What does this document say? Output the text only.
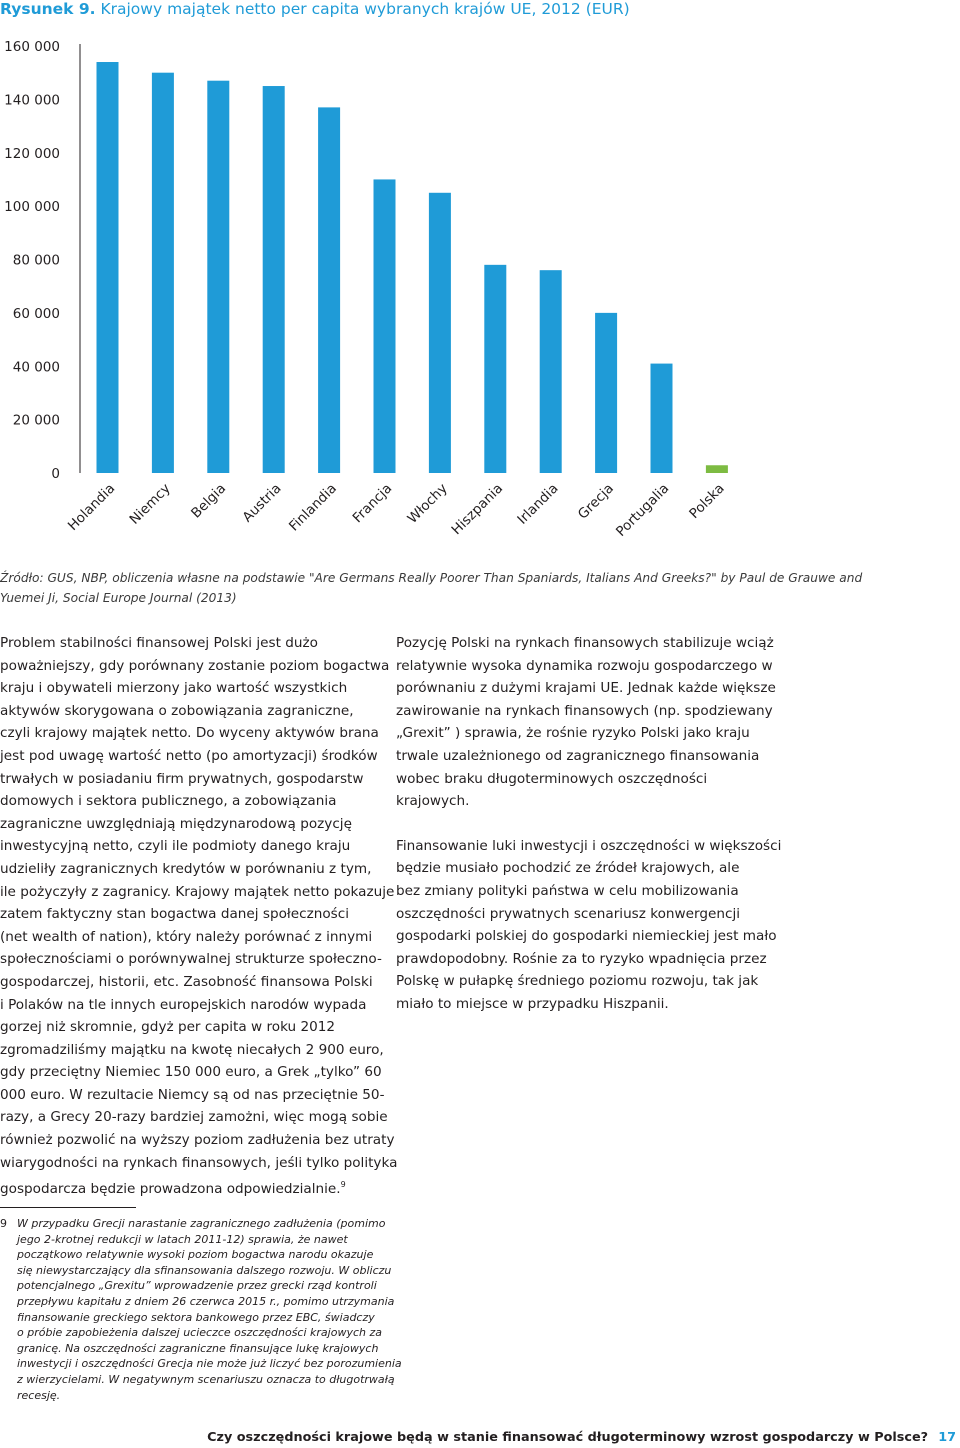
Rysunek 9. Krajowy majątek netto per capita wybranych krajów UE, 2012 (EUR)
0
20 000
40 000
60 000
80 000
100 000
120 000
140 000
160 000
Holandia Niemcy Belgia Austria Finlandia Francja Włochy
Hiszpania Irlandia Grecja
Portugalia Polska
Źródło: GUS, NBP, obliczenia własne na podstawie "Are Germans Really Poorer Than Spaniards, Italians And Greeks?" by Paul de Grauwe and
Yuemei Ji, Social Europe Journal (2013)

Problem stabilności finansowej Polski jest dużo

poważniejszy, gdy porównany zostanie poziom bogactwa

kraju i obywateli mierzony jako wartość wszystkich

aktywów skorygowana o zobowiązania zagraniczne,

czyli krajowy majątek netto. Do wyceny aktywów brana

jest pod uwagę wartość netto (po amortyzacji) środków

trwałych w posiadaniu firm prywatnych, gospodarstw

domowych i sektora publicznego, a zobowiązania

zagraniczne uwzględniają międzynarodową pozycję

inwestycyjną netto, czyli ile podmioty danego kraju

udzieliły zagranicznych kredytów w porównaniu z tym,

ile pożyczyły z zagranicy. Krajowy majątek netto pokazuje

zatem faktyczny stan bogactwa danej społeczności

(net wealth of nation), który należy porównać z innymi

społecznościami o porównywalnej strukturze społeczno-

gospodarczej, historii, etc. Zasobność finansowa Polski

i Polaków na tle innych europejskich narodów wypada

gorzej niż skromnie, gdyż per capita w roku 2012

zgromadziliśmy majątku na kwotę niecałych 2 900 euro,

gdy przeciętny Niemiec 150 000 euro, a Grek „tylko” 60

000 euro. W rezultacie Niemcy są od nas przeciętnie 50-

razy, a Grecy 20-razy bardziej zamożni, więc mogą sobie

również pozwolić na wyższy poziom zadłużenia bez utraty

wiarygodności na rynkach finansowych, jeśli tylko polityka

gospodarcza będzie prowadzona odpowiedzialnie.$^9$

Pozycję Polski na rynkach finansowych stabilizuje wciąż

relatywnie wysoka dynamika rozwoju gospodarczego w

porównaniu z dużymi krajami UE. Jednak każde większe

zawirowanie na rynkach finansowych (np. spodziewany

„Grexit” ) sprawia, że rośnie ryzyko Polski jako kraju

trwale uzależnionego od zagranicznego finansowania

wobec braku długoterminowych oszczędności

krajowych.

Finansowanie luki inwestycji i oszczędności w większości

będzie musiało pochodzić ze źródeł krajowych, ale

bez zmiany polityki państwa w celu mobilizowania

oszczędności prywatnych scenariusz konwergencji

gospodarki polskiej do gospodarki niemieckiej jest mało

prawdopodobny. Rośnie za to ryzyko wpadnięcia przez

Polskę w pułapkę średniego poziomu rozwoju, tak jak

miało to miejsce w przypadku Hiszpanii.

9 W przypadku Grecji narastanie zagranicznego zadłużenia (pomimo

jego 2-krotnej redukcji w latach 2011-12) sprawia, że nawet

początkowo relatywnie wysoki poziom bogactwa narodu okazuje

się niewystarczający dla sfinansowania dalszego rozwoju. W obliczu

potencjalnego „Grexitu” wprowadzenie przez grecki rząd kontroli

przepływu kapitału z dniem 26 czerwca 2015 r., pomimo utrzymania

finansowanie greckiego sektora bankowego przez EBC, świadczy

o próbie zapobieżenia dalszej ucieczce oszczędności krajowych za

granicę. Na oszczędności zagraniczne finansujące lukę krajowych

inwestycji i oszczędności Grecja nie może już liczyć bez porozumienia

z wierzycielami. W negatywnym scenariuszu oznacza to długotrwałą

recesję.

Czy oszczędności krajowe będą w stanie finansować długoterminowy wzrost gospodarczy w Polsce? 17
